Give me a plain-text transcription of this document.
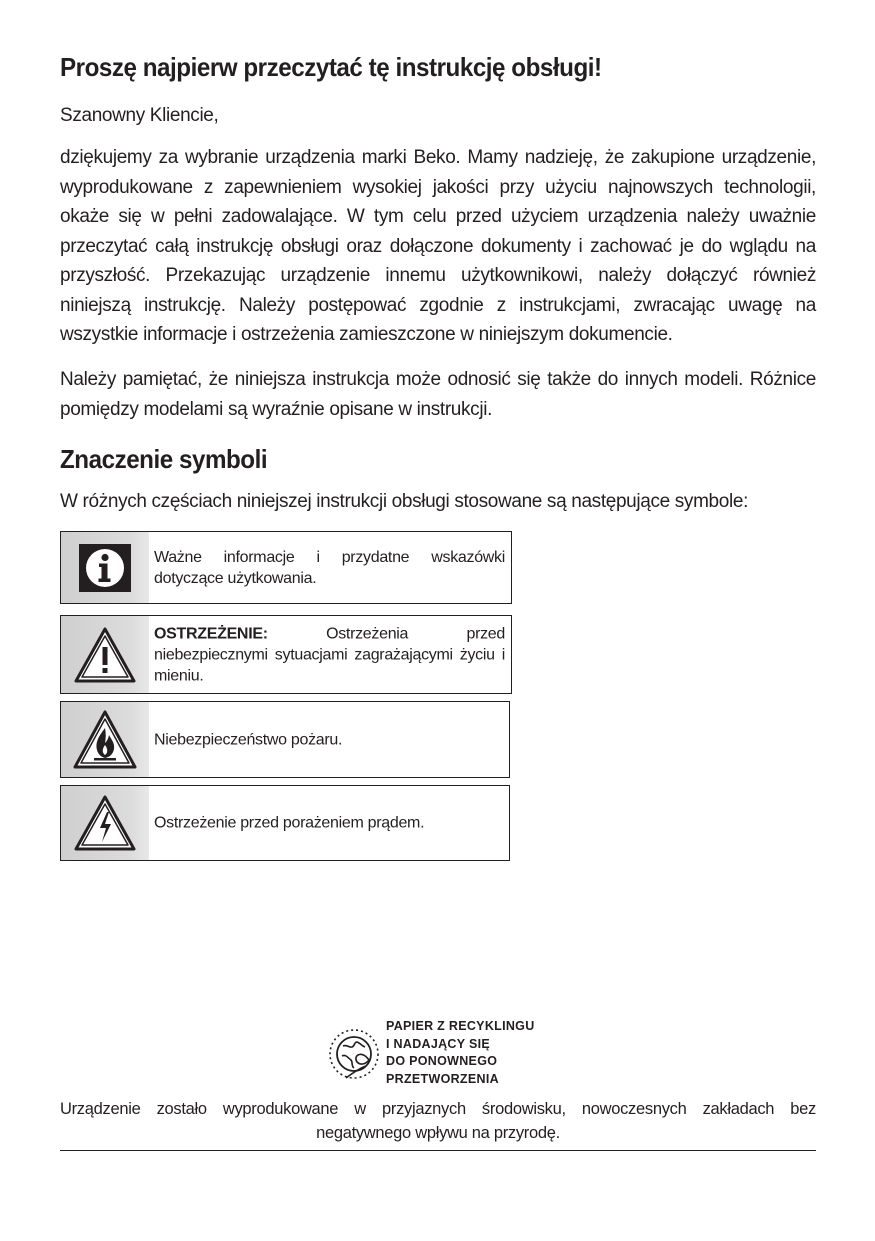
Proszę najpierw przeczytać tę instrukcję obsługi!

Szanowny Kliencie,

dziękujemy za wybranie urządzenia marki Beko. Mamy nadzieję, że zakupione urządzenie, wyprodukowane z zapewnieniem wysokiej jakości przy użyciu najnowszych technologii, okaże się w pełni zadowalające. W tym celu przed użyciem urządzenia należy uważnie przeczytać całą instrukcję obsługi oraz dołączone dokumenty i zachować je do wglądu na przyszłość. Przekazując urządzenie innemu użytkownikowi, należy dołączyć również niniejszą instrukcję. Należy postępować zgodnie z instrukcjami, zwracając uwagę na wszystkie informacje i ostrzeżenia zamieszczone w niniejszym dokumencie.

Należy pamiętać, że niniejsza instrukcja może odnosić się także do innych modeli. Różnice pomiędzy modelami są wyraźnie opisane w instrukcji.

Znaczenie symboli

W różnych częściach niniejszej instrukcji obsługi stosowane są następujące symbole:

Ważne informacje i przydatne wskazówki dotyczące użytkowania.
OSTRZEŻENIE: Ostrzeżenia przed niebezpiecznymi sytuacjami zagrażającymi życiu i mieniu.
Niebezpieczeństwo pożaru.
Ostrzeżenie przed porażeniem prądem.
PAPIER Z RECYKLINGU
I NADAJĄCY SIĘ
DO PONOWNEGO
PRZETWORZENIA

Urządzenie zostało wyprodukowane w przyjaznych środowisku, nowoczesnych zakładach bez negatywnego wpływu na przyrodę.
